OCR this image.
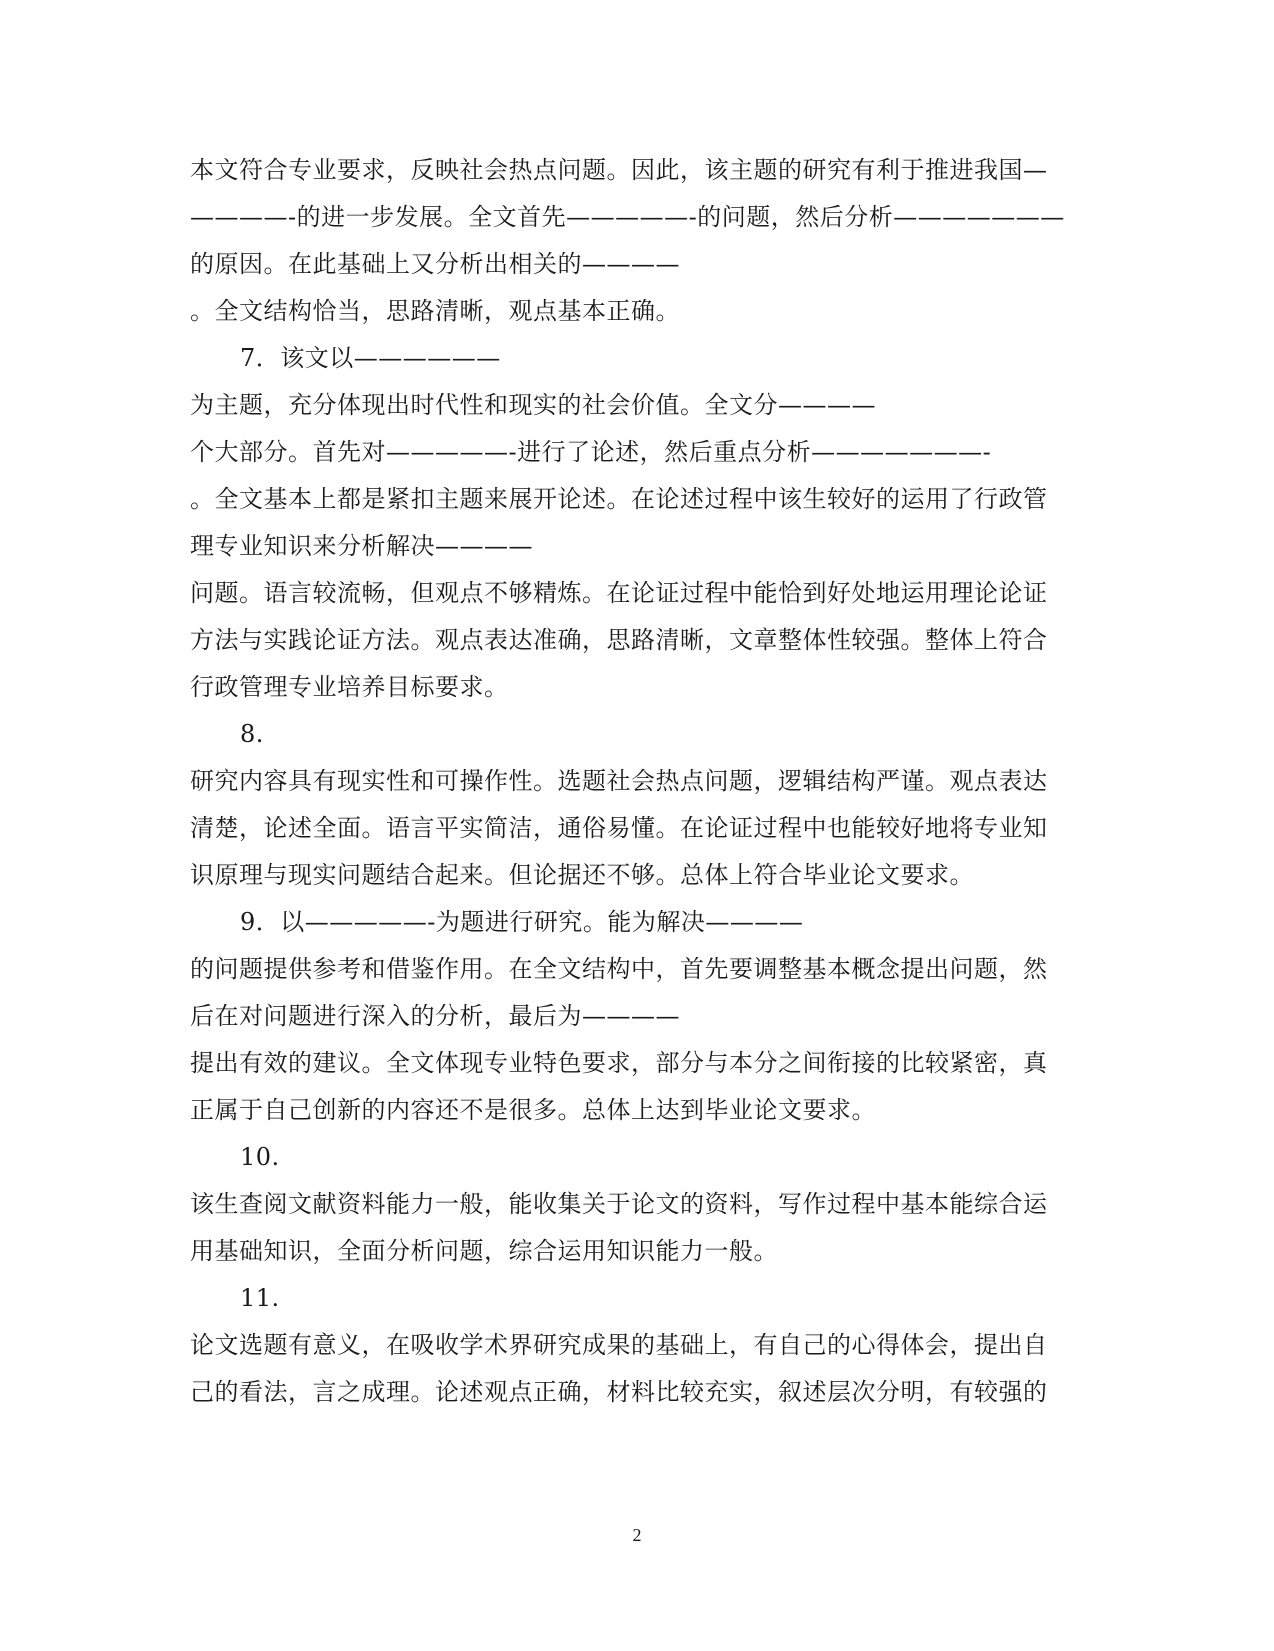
本文符合专业要求，反映社会热点问题。因此，该主题的研究有利于推进我国—
————-的进一步发展。全文首先—————-的问题，然后分析———————
的原因。在此基础上又分析出相关的————
。全文结构恰当，思路清晰，观点基本正确。
7．该文以——————
为主题，充分体现出时代性和现实的社会价值。全文分————
个大部分。首先对—————-进行了论述，然后重点分析———————-
。全文基本上都是紧扣主题来展开论述。在论述过程中该生较好的运用了行政管
理专业知识来分析解决————
问题。语言较流畅，但观点不够精炼。在论证过程中能恰到好处地运用理论论证
方法与实践论证方法。观点表达准确，思路清晰，文章整体性较强。整体上符合
行政管理专业培养目标要求。
8.
研究内容具有现实性和可操作性。选题社会热点问题，逻辑结构严谨。观点表达
清楚，论述全面。语言平实简洁，通俗易懂。在论证过程中也能较好地将专业知
识原理与现实问题结合起来。但论据还不够。总体上符合毕业论文要求。
9．以—————-为题进行研究。能为解决————
的问题提供参考和借鉴作用。在全文结构中，首先要调整基本概念提出问题，然
后在对问题进行深入的分析，最后为————
提出有效的建议。全文体现专业特色要求，部分与本分之间衔接的比较紧密，真
正属于自己创新的内容还不是很多。总体上达到毕业论文要求。
10.
该生查阅文献资料能力一般，能收集关于论文的资料，写作过程中基本能综合运
用基础知识，全面分析问题，综合运用知识能力一般。
11.
论文选题有意义，在吸收学术界研究成果的基础上，有自己的心得体会，提出自
己的看法，言之成理。论述观点正确，材料比较充实，叙述层次分明，有较强的
2
